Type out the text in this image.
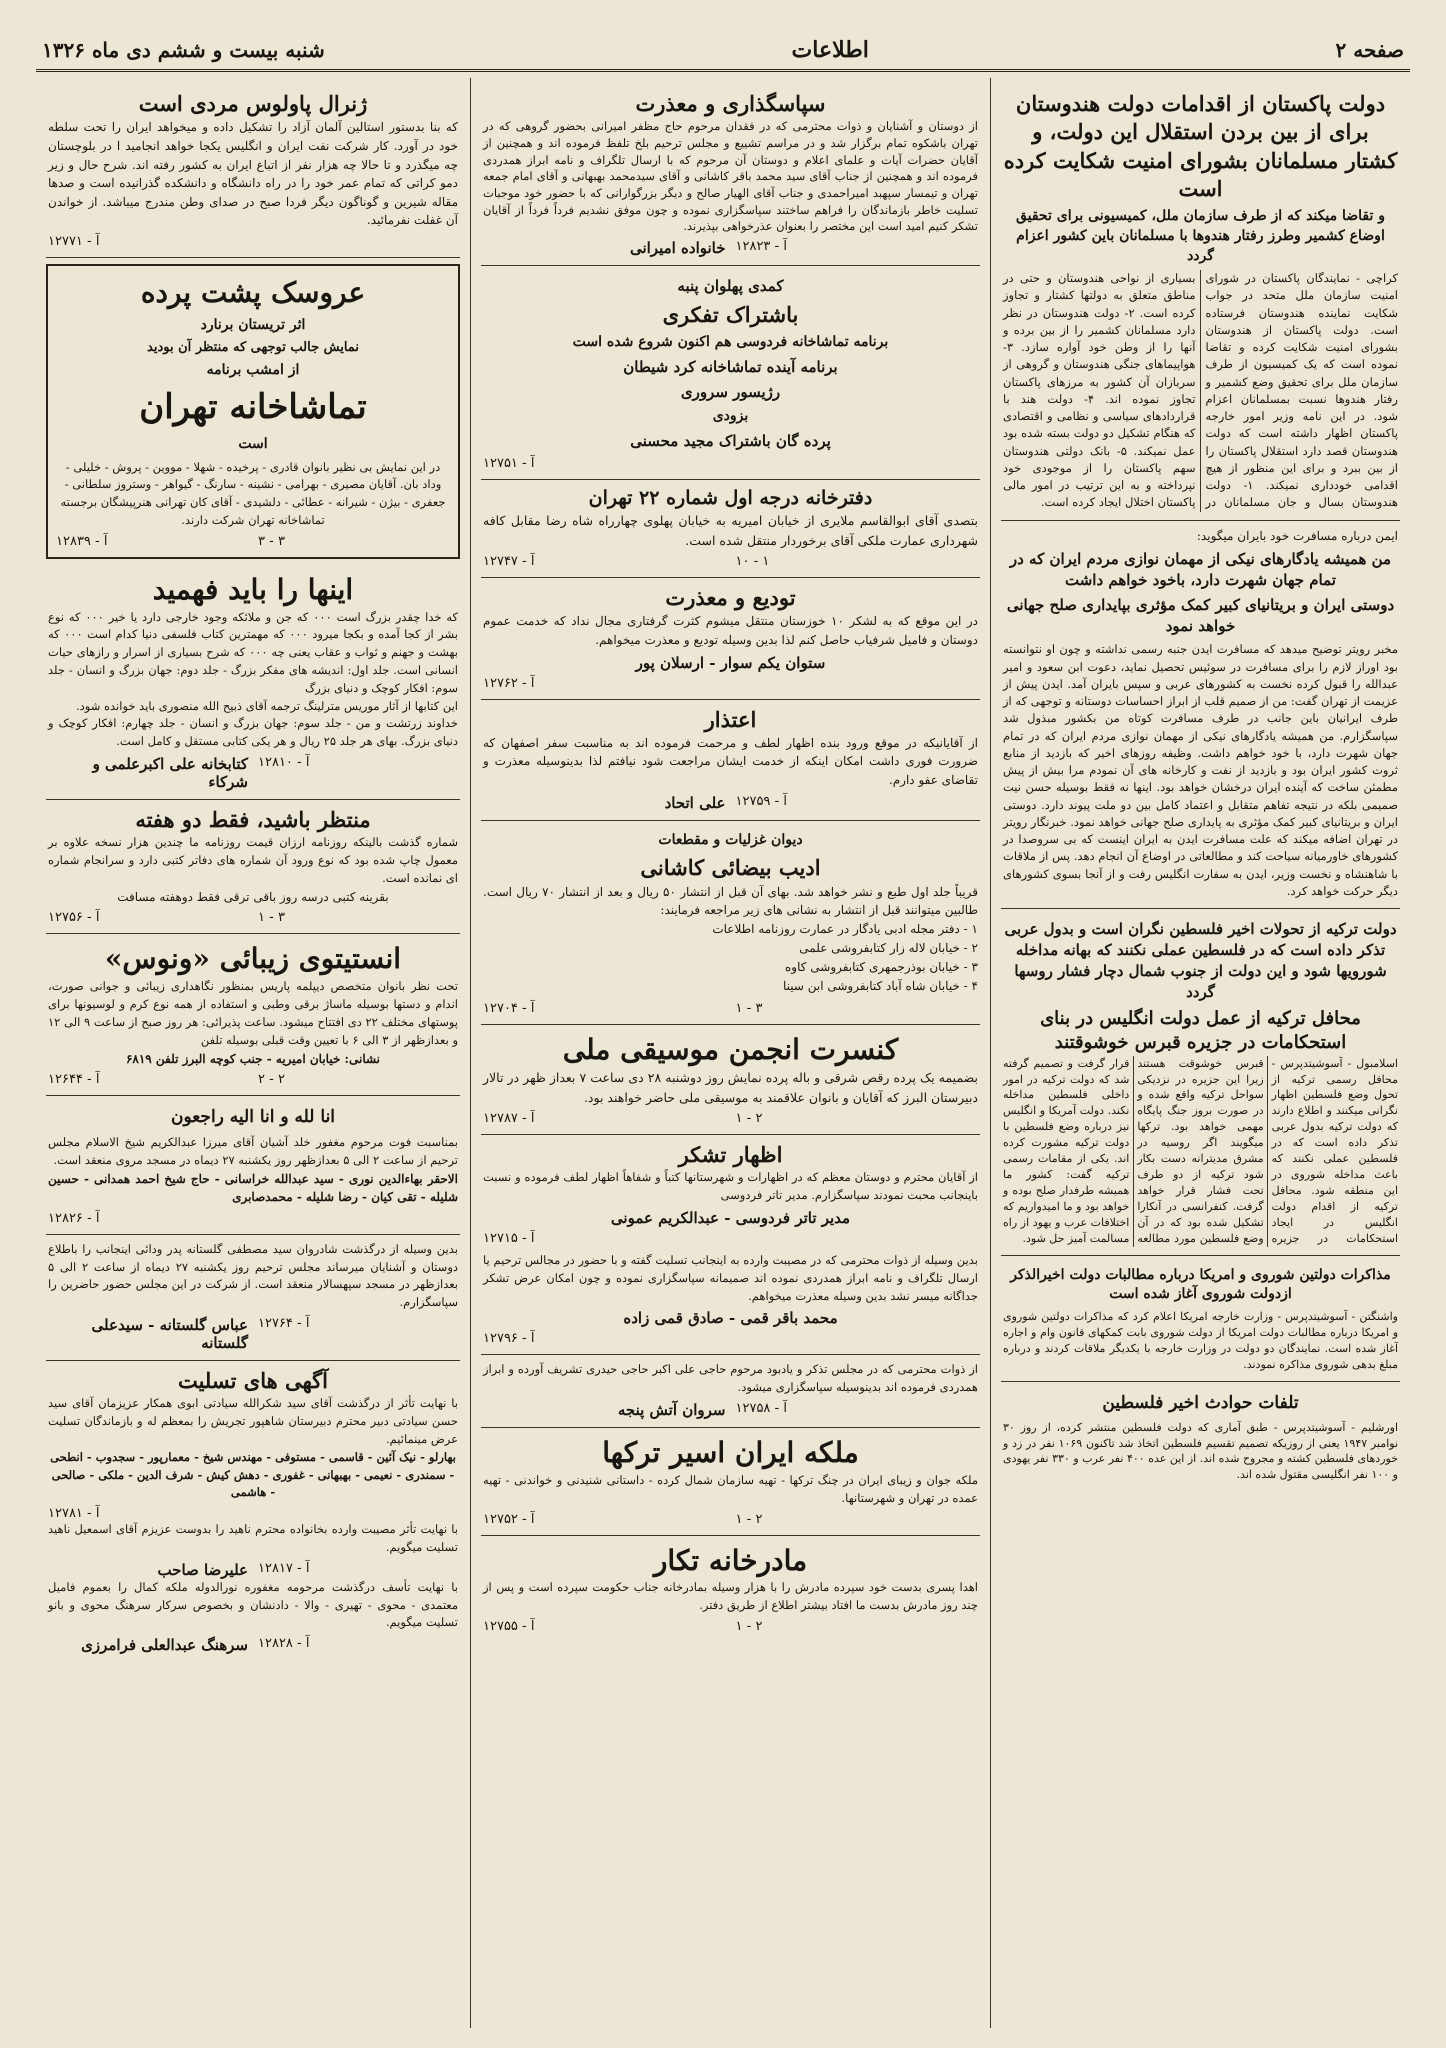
صفحه ۲
اطلاعات
شنبه بیست و ششم دی ماه ۱۳۲۶
دولت پاکستان از اقدامات دولت هندوستان برای از بین بردن استقلال این دولت، و کشتار مسلمانان بشورای امنیت شکایت کرده است
و تقاضا میکند که از طرف سازمان ملل، کمیسیونی برای تحقیق اوضاع کشمیر وطرز رفتار هندوها با مسلمانان باین کشور اعزام گردد
کراچی - نمایندگان پاکستان در شورای امنیت سازمان ملل متحد در جواب شکایت نماینده هندوستان فرستاده است. دولت پاکستان از هندوستان بشورای امنیت شکایت کرده و تقاضا نموده است که یک کمیسیون از طرف سازمان ملل برای تحقیق وضع کشمیر و رفتار هندوها نسبت بمسلمانان اعزام شود. در این نامه وزیر امور خارجه پاکستان اظهار داشته است که دولت هندوستان قصد دارد استقلال پاکستان را از بین ببرد و برای این منظور از هیچ اقدامی خودداری نمیکند. ۱- دولت هندوستان بسال و جان مسلمانان در بسیاری از نواحی هندوستان و حتی در مناطق متعلق به دولتها کشتار و تجاوز کرده است. ۲- دولت هندوستان در نظر دارد مسلمانان کشمیر را از بین برده و آنها را از وطن خود آواره سازد. ۳- هواپیماهای جنگی هندوستان و گروهی از سربازان آن کشور به مرزهای پاکستان تجاوز نموده اند. ۴- دولت هند با قراردادهای سیاسی و نظامی و اقتصادی که هنگام تشکیل دو دولت بسته شده بود عمل نمیکند. ۵- بانک دولتی هندوستان سهم پاکستان را از موجودی خود نپرداخته و به این ترتیب در امور مالی پاکستان اختلال ایجاد کرده است.
ایمن درباره مسافرت خود بایران میگوید:
من همیشه یادگارهای نیکی از مهمان نوازی مردم ایران که در تمام جهان شهرت دارد، باخود خواهم داشت
دوستی ایران و بریتانیای کبیر کمک مؤثری بپایداری صلح جهانی خواهد نمود
مخبر رویتر توضیح میدهد که مسافرت ایدن جنبه رسمی نداشته و چون او نتوانسته بود اوراز لازم را برای مسافرت در سوئیس تحصیل نماید، دعوت ابن سعود و امیر عبدالله را قبول کرده نخست به کشورهای عربی و سپس بایران آمد. ایدن پیش از عزیمت از تهران گفت: من از صمیم قلب از ابراز احساسات دوستانه و توجهی که از طرف ایرانیان باین جانب در طرف مسافرت کوتاه من بکشور مبذول شد سپاسگزارم. من همیشه یادگارهای نیکی از مهمان نوازی مردم ایران که در تمام جهان شهرت دارد، با خود خواهم داشت. وظیفه روزهای اخیر که بازدید از منابع ثروت کشور ایران بود و بازدید از نفت و کارخانه های آن نمودم مرا بیش از پیش مطمئن ساخت که آینده ایران درخشان خواهد بود. اینها نه فقط بوسیله حسن نیت صمیمی بلکه در نتیجه تفاهم متقابل و اعتماد کامل بین دو ملت پیوند دارد. دوستی ایران و بریتانیای کبیر کمک مؤثری به پایداری صلح جهانی خواهد نمود. خبرنگار رویتر در تهران اضافه میکند که علت مسافرت ایدن به ایران اینست که بی سروصدا در کشورهای خاورمیانه سیاحت کند و مطالعاتی در اوضاع آن انجام دهد. پس از ملاقات با شاهنشاه و نخست وزیر، ایدن به سفارت انگلیس رفت و از آنجا بسوی کشورهای دیگر حرکت خواهد کرد.
دولت ترکیه از تحولات اخیر فلسطین نگران است و بدول عربی تذکر داده است که در فلسطین عملی نکنند که بهانه مداخله شورویها شود و این دولت از جنوب شمال دچار فشار روسها گردد
محافل ترکیه از عمل دولت انگلیس در بنای استحکامات در جزیره قبرس خوشوقتند
اسلامبول - آسوشیتدپرس - محافل رسمی ترکیه از تحول وضع فلسطین اظهار نگرانی میکنند و اطلاع دارند که دولت ترکیه بدول عربی تذکر داده است که در فلسطین عملی نکنند که باعث مداخله شوروی در این منطقه شود. محافل ترکیه از اقدام دولت انگلیس در ایجاد استحکامات در جزیره قبرس خوشوقت هستند زیرا این جزیره در نزدیکی سواحل ترکیه واقع شده و در صورت بروز جنگ پایگاه مهمی خواهد بود. ترکها میگویند اگر روسیه در مشرق مدیترانه دست بکار شود ترکیه از دو طرف تحت فشار قرار خواهد گرفت. کنفرانسی در آنکارا تشکیل شده بود که در آن وضع فلسطین مورد مطالعه قرار گرفت و تصمیم گرفته شد که دولت ترکیه در امور داخلی فلسطین مداخله نکند. دولت آمریکا و انگلیس نیز درباره وضع فلسطین با دولت ترکیه مشورت کرده اند. یکی از مقامات رسمی ترکیه گفت: کشور ما همیشه طرفدار صلح بوده و خواهد بود و ما امیدواریم که اختلافات عرب و یهود از راه مسالمت آمیز حل شود.
مذاکرات دولتین شوروی و امریکا درباره مطالبات دولت اخیرالذکر ازدولت شوروی آغاز شده است
واشنگتن - آسوشیتدپرس - وزارت خارجه امریکا اعلام کرد که مذاکرات دولتین شوروی و امریکا درباره مطالبات دولت امریکا از دولت شوروی بابت کمکهای قانون وام و اجاره آغاز شده است. نمایندگان دو دولت در وزارت خارجه با یکدیگر ملاقات کردند و درباره مبلغ بدهی شوروی مذاکره نمودند.
تلفات حوادث اخیر فلسطین
اورشلیم - آسوشیتدپرس - طبق آماری که دولت فلسطین منتشر کرده، از روز ۳۰ نوامبر ۱۹۴۷ یعنی از روزیکه تصمیم تقسیم فلسطین اتخاذ شد تاکنون ۱۰۶۹ نفر در زد و خوردهای فلسطین کشته و مجروح شده اند. از این عده ۴۰۰ نفر عرب و ۳۳۰ نفر یهودی و ۱۰۰ نفر انگلیسی مقتول شده اند.
سپاسگذاری و معذرت
از دوستان و آشنایان و ذوات محترمی که در فقدان مرحوم حاج مظفر امیرانی بحضور گروهی که در تهران باشکوه تمام برگزار شد و در مراسم تشییع و مجلس ترحیم بلخ تلفظ فرموده اند و همچنین از آقایان حضرات آیات و علمای اعلام و دوستان آن مرحوم که با ارسال تلگراف و نامه ابراز همدردی فرموده اند و همچنین از جناب آقای سید محمد باقر کاشانی و آقای سیدمحمد بهبهانی و آقای امام جمعه تهران و تیمسار سپهبد امیراحمدی و جناب آقای الهیار صالح و دیگر بزرگوارانی که با حضور خود موجبات تسلیت خاطر بازماندگان را فراهم ساختند سپاسگزاری نموده و چون موفق نشدیم فرداً فرداً از آقایان تشکر کنیم امید است این مختصر را بعنوان عذرخواهی بپذیرند.
۱۲۸۲۳ - آ
خانواده امیرانی
کمدی پهلوان پنبه
باشتراک تفکری
برنامه تماشاخانه فردوسی هم اکنون شروع شده است
برنامه آینده تماشاخانه کرد شیطان
رژیسور سروری
بزودی
پرده گان باشتراک مجید محسنی
۱۲۷۵۱ - آ
دفترخانه درجه اول شماره ۲۲ تهران
بتصدی آقای ابوالقاسم ملایری از خیابان امیریه به خیابان پهلوی چهارراه شاه رضا مقابل کافه شهرداری عمارت ملکی آقای برخوردار منتقل شده است.
۱۰ - ۱
۱۲۷۴۷ - آ
تودیع و معذرت
در این موقع که به لشکر ۱۰ خوزستان منتقل میشوم کثرت گرفتاری مجال نداد که خدمت عموم دوستان و فامیل شرفیاب حاصل کنم لذا بدین وسیله تودیع و معذرت میخواهم.
ستوان یکم سوار - ارسلان پور
۱۲۷۶۲ - آ
اعتذار
از آقایانیکه در موقع ورود بنده اظهار لطف و مرحمت فرموده اند به مناسبت سفر اصفهان که ضرورت فوری داشت امکان اینکه از خدمت ایشان مراجعت شود نیافتم لذا بدینوسیله معذرت و تقاضای عفو دارم.
۱۲۷۵۹ - آ
علی اتحاد
دیوان غزلیات و مقطعات
ادیب بیضائی کاشانی
قریباً جلد اول طبع و نشر خواهد شد. بهای آن قبل از انتشار ۵۰ ریال و بعد از انتشار ۷۰ ریال است. طالبین میتوانند قبل از انتشار به نشانی های زیر مراجعه فرمایند:
۱ - دفتر مجله ادبی یادگار در عمارت روزنامه اطلاعات
۲ - خیابان لاله زار کتابفروشی علمی
۳ - خیابان بوذرجمهری کتابفروشی کاوه
۴ - خیابان شاه آباد کتابفروشی ابن سینا
۱ - ۳
۱۲۷۰۴ - آ
کنسرت انجمن موسیقی ملی
بضمیمه یک پرده رقص شرقی و باله پرده نمایش روز دوشنبه ۲۸ دی ساعت ۷ بعداز ظهر در تالار دبیرستان البرز که آقایان و بانوان علاقمند به موسیقی ملی حاضر خواهند بود.
۱ - ۲
۱۲۷۸۷ - آ
اظهار تشکر
از آقایان محترم و دوستان معظم که در اظهارات و شهرستانها کتباً و شفاهاً اظهار لطف فرموده و نسبت باینجانب محبت نمودند سپاسگزارم. مدیر تاتر فردوسی
مدیر تاتر فردوسی - عبدالکریم عمونی
۱۲۷۱۵ - آ
بدین وسیله از ذوات محترمی که در مصیبت وارده به اینجانب تسلیت گفته و با حضور در مجالس ترحیم یا ارسال تلگراف و نامه ابراز همدردی نموده اند صمیمانه سپاسگزاری نموده و چون امکان عرض تشکر جداگانه میسر نشد بدین وسیله معذرت میخواهم.
محمد باقر قمی - صادق قمی زاده
۱۲۷۹۶ - آ
از ذوات محترمی که در مجلس تذکر و یادبود مرحوم حاجی علی اکبر حاجی حیدری تشریف آورده و ابراز همدردی فرموده اند بدینوسیله سپاسگزاری میشود.
۱۲۷۵۸ - آ
سروان آتش پنجه
ملکه ایران اسیر ترکها
ملکه جوان و زیبای ایران در چنگ ترکها - تهیه سازمان شمال کرده - داستانی شنیدنی و خواندنی - تهیه عمده در تهران و شهرستانها.
۱ - ۲
۱۲۷۵۲ - آ
مادرخانه تکار
اهدا پسری بدست خود سپرده مادرش را با هزار وسیله بمادرخانه جناب حکومت سپرده است و پس از چند روز مادرش بدست ما افتاد بیشتر اطلاع از طریق دفتر.
۱ - ۲
۱۲۷۵۵ - آ
ژنرال پاولوس مردی است
که بنا بدستور استالین آلمان آزاد را تشکیل داده و میخواهد ایران را تحت سلطه خود در آورد. کار شرکت نفت ایران و انگلیس یکجا خواهد انجامید ا در بلوچستان چه میگذرد و تا حالا چه هزار نفر از اتباع ایران به کشور رفته اند. شرح حال و زیر دمو کراتی که تمام عمر خود را در راه دانشگاه و دانشکده گذرانیده است و صدها مقاله شیرین و گوناگون دیگر فردا صبح در صدای وطن مندرج میباشد. از خواندن آن غفلت نفرمائید.
۱۲۷۷۱ - آ
عروسک پشت پرده
اثر تریستان برنارد
نمایش جالب توجهی که منتظر آن بودید
از امشب برنامه
تماشاخانه تهران
است
در این نمایش بی نظیر بانوان قادری - پرخیده - شهلا - مووین - پروش - خلیلی - وداد بان. آقایان مصیری - بهرامی - نشینه - سارنگ - گیواهر - وستروز سلطانی - جعفری - بیژن - شیرانه - عطائی - دلشیدی - آقای کان تهرانی هنرپیشگان برجسته تماشاخانه تهران شرکت دارند.
۳ - ۳
۱۲۸۳۹ - آ
اینها را باید فهمید
که خدا چقدر بزرگ است ۰۰۰ که جن و ملائکه وجود خارجی دارد یا خیر ۰۰۰ که نوع بشر از کجا آمده و بکجا میرود ۰۰۰ که مهمترین کتاب فلسفی دنیا کدام است ۰۰۰ که بهشت و جهنم و ثواب و عقاب یعنی چه ۰۰۰ که شرح بسیاری از اسرار و رازهای حیات انسانی است. جلد اول: اندیشه های مفکر بزرگ - جلد دوم: جهان بزرگ و انسان - جلد سوم: افکار کوچک و دنیای بزرگ
این کتابها از آثار موریس مترلینگ ترجمه آقای ذبیح الله منصوری باید خوانده شود.
خداوند زرتشت و من - جلد سوم: جهان بزرگ و انسان - جلد چهارم: افکار کوچک و دنیای بزرگ. بهای هر جلد ۲۵ ریال و هر یکی کتابی مستقل و کامل است.
۱۲۸۱۰ - آ
کتابخانه علی اکبرعلمی و شرکاء
منتظر باشید، فقط دو هفته
شماره گذشت بالینکه روزنامه ارزان قیمت روزنامه ما چندین هزار نسخه علاوه بر معمول چاپ شده بود که نوع ورود آن شماره های دفاتر کتبی دارد و سرانجام شماره ای نمانده است.
بقرینه کتبی درسه روز باقی ترقی فقط دوهفته مسافت
۱ - ۳
۱۲۷۵۶ - آ
انستیتوی زیبائی «ونوس»
تحت نظر بانوان متخصص دیپلمه پاریس بمنظور نگاهداری زیبائی و جوانی صورت، اندام و دستها بوسیله ماساژ برقی وطبی و استفاده از همه نوع کرم و لوسیونها برای پوستهای مختلف ۲۲ دی افتتاح میشود. ساعت پذیرائی: هر روز صبح از ساعت ۹ الی ۱۲ و بعدازظهر از ۳ الی ۶ با تعیین وقت قبلی بوسیله تلفن
نشانی: خیابان امیریه - جنب کوچه البرز تلفن ۶۸۱۹
۲ - ۲
۱۲۶۴۴ - آ
انا لله و انا الیه راجعون
بمناسبت فوت مرحوم مغفور خلد آشیان آقای میرزا عبدالکریم شیخ الاسلام مجلس ترحیم از ساعت ۲ الی ۵ بعدازظهر روز یکشنبه ۲۷ دیماه در مسجد مروی منعقد است.
الاحقر بهاءالدین نوری - سید عبدالله خراسانی - حاج شیخ احمد همدانی - حسین شلیله - تقی کیان - رضا شلیله - محمدصابری
۱۲۸۲۶ - آ
بدین وسیله از درگذشت شادروان سید مصطفی گلستانه پدر ودائی اینجانب را باطلاع دوستان و آشنایان میرساند مجلس ترحیم روز یکشنبه ۲۷ دیماه از ساعت ۲ الی ۵ بعدازظهر در مسجد سپهسالار منعقد است. از شرکت در این مجلس حضور حاضرین را سپاسگزارم.
۱۲۷۶۴ - آ
عباس گلستانه - سیدعلی گلستانه
آگهی های تسلیت
با نهایت تأثر از درگذشت آقای سید شکرالله سیادتی ابوی همکار عزیزمان آقای سید حسن سیادتی دبیر محترم دبیرستان شاهپور تجریش را بمعظم له و بازماندگان تسلیت عرض مینمائیم.
بهارلو - نیک آئین - قاسمی - مستوفی - مهندس شیخ - معمارپور - سجدوب - انطحی - سمندری - نعیمی - بهبهانی - غفوری - دهش کیش - شرف الدین - ملکی - صالحی - هاشمی
۱۲۷۸۱ - آ
با نهایت تأثر مصیبت وارده بخانواده محترم ناهید را بدوست عزیزم آقای اسمعیل ناهید تسلیت میگویم.
۱۲۸۱۷ - آ
علیرضا صاحب
با نهایت تأسف درگذشت مرحومه مغفوره نورالدوله ملکه کمال را بعموم فامیل معتمدی - محوی - تهیری - والا - دادنشان و بخصوص سرکار سرهنگ محوی و بانو تسلیت میگویم.
۱۲۸۲۸ - آ
سرهنگ عبدالعلی فرامرزی
